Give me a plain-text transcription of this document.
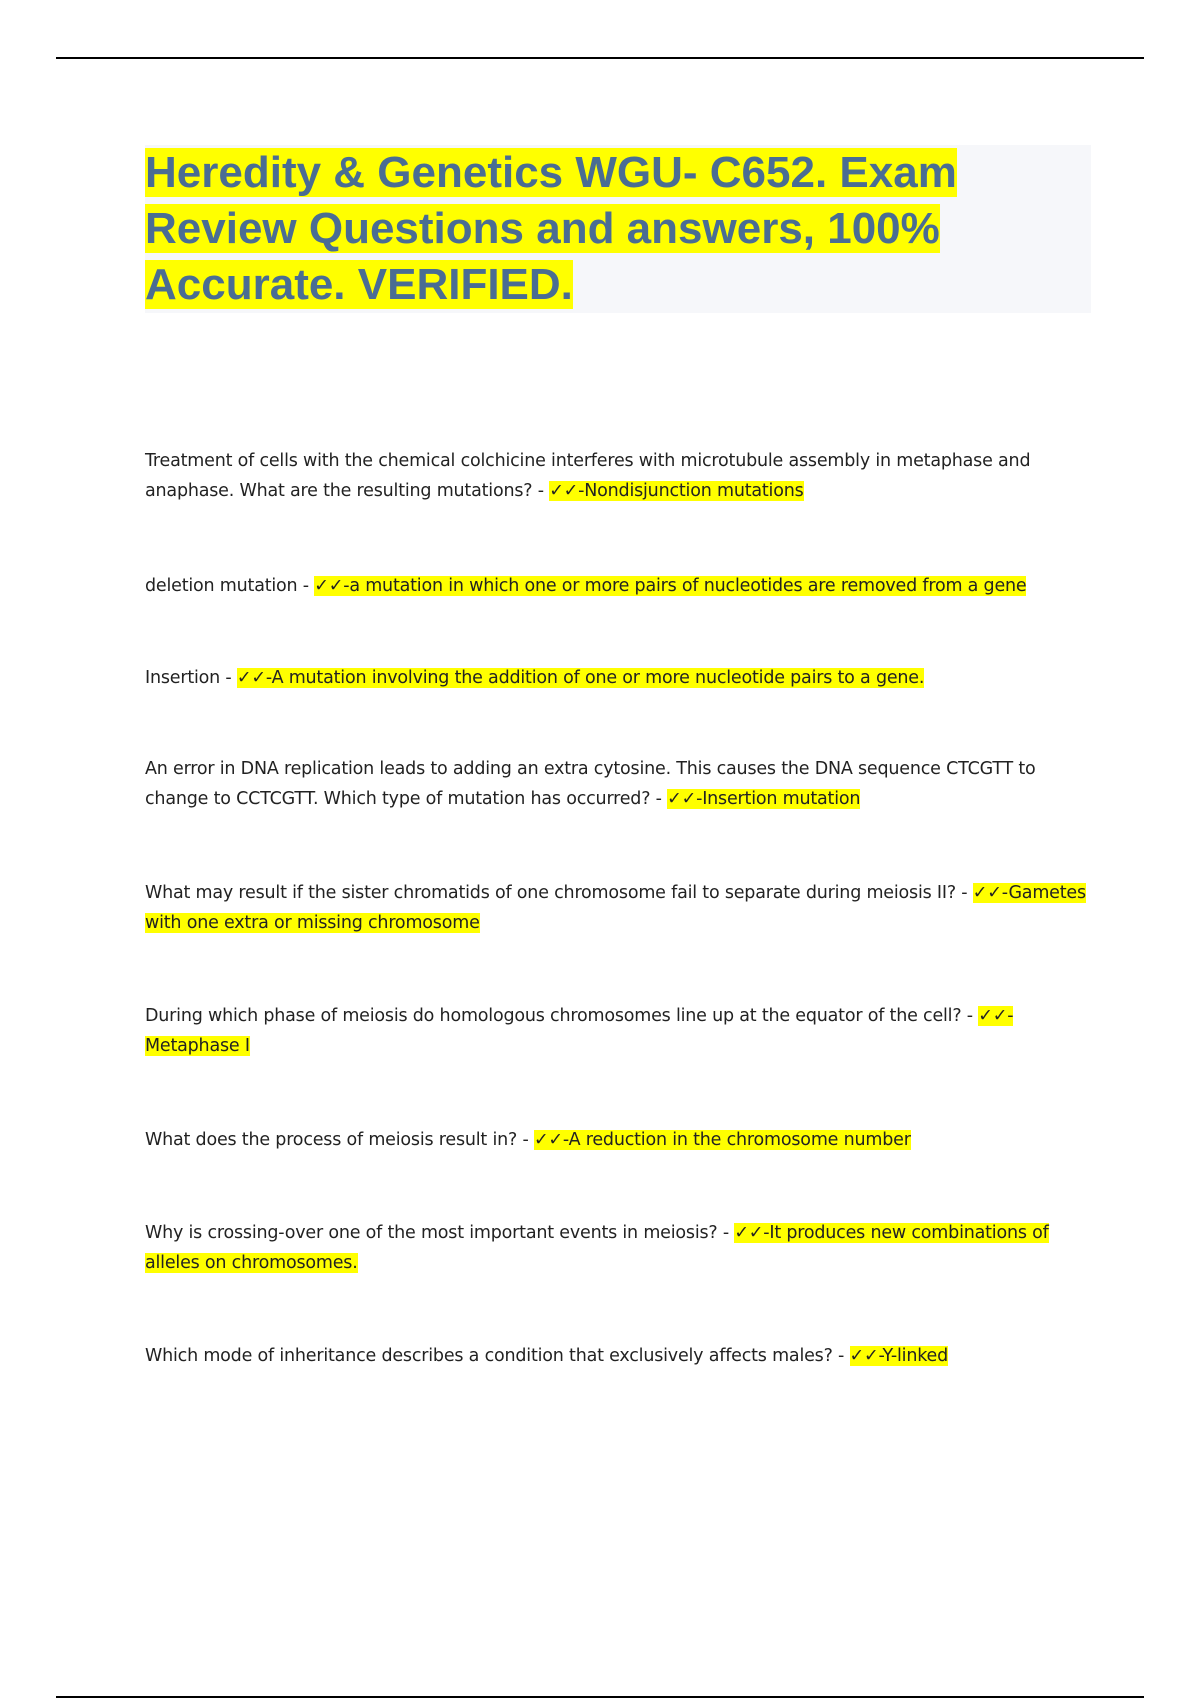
Heredity & Genetics WGU- C652. Exam Review Questions and answers, 100% Accurate. VERIFIED.

Treatment of cells with the chemical colchicine interferes with microtubule assembly in metaphase and anaphase. What are the resulting mutations? - ✓✓-Nondisjunction mutations

deletion mutation - ✓✓-a mutation in which one or more pairs of nucleotides are removed from a gene

Insertion - ✓✓-A mutation involving the addition of one or more nucleotide pairs to a gene.

An error in DNA replication leads to adding an extra cytosine. This causes the DNA sequence CTCGTT to change to CCTCGTT. Which type of mutation has occurred? - ✓✓-Insertion mutation

What may result if the sister chromatids of one chromosome fail to separate during meiosis II? - ✓✓-Gametes with one extra or missing chromosome

During which phase of meiosis do homologous chromosomes line up at the equator of the cell? - ✓✓-Metaphase I

What does the process of meiosis result in? - ✓✓-A reduction in the chromosome number

Why is crossing-over one of the most important events in meiosis? - ✓✓-It produces new combinations of alleles on chromosomes.

Which mode of inheritance describes a condition that exclusively affects males? - ✓✓-Y-linked
